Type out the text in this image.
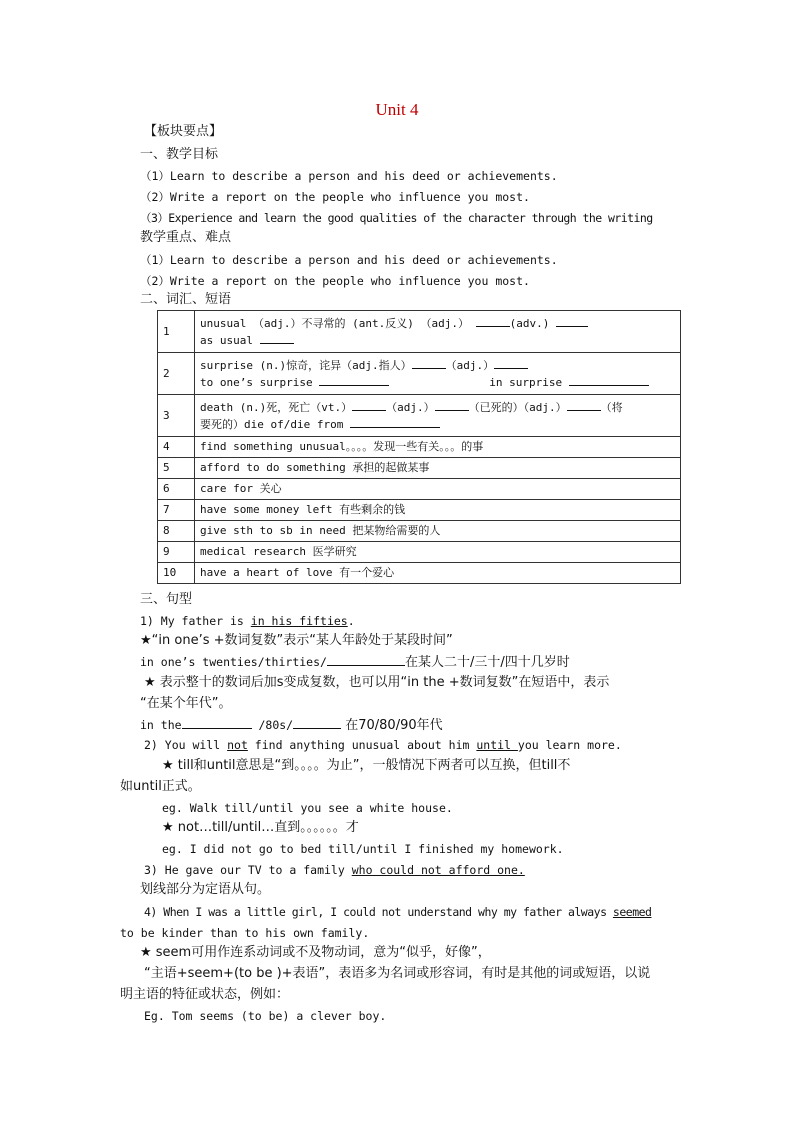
Unit 4
【板块要点】
一、教学目标
（1）Learn to describe a person and his deed or achievements.
（2）Write a report on the people who influence you most.
（3）Experience and learn the good qualities of the character through the writing
教学重点、难点
（1）Learn to describe a person and his deed or achievements.
（2）Write a report on the people who influence you most.
二、词汇、短语
1	unusual （adj.）不寻常的 (ant.反义) （adj.） (adv.)
as usual

2	surprise (n.)惊奇，诧异（adj.指人） （adj.）
to one’s surprise in surprise

3	death (n.)死，死亡（vt.） （adj.） （已死的）（adj.） （将
要死的）die of/die from

4	find something unusual。。。。发现一些有关。。。的事
5	afford to do something 承担的起做某事
6	care for 关心
7	have some money left 有些剩余的钱
8	give sth to sb in need 把某物给需要的人
9	medical research 医学研究
10	have a heart of love 有一个爱心
三、句型
1) My father is in his fifties.
★“in one’s +数词复数”表示“某人年龄处于某段时间”
in one’s twenties/thirties/	在某人二十/三十/四十几岁时
★ 表示整十的数词后加s变成复数，也可以用“in the +数词复数”在短语中，表示
“在某个年代”。
in the	/80s/	在70/80/90年代
2) You will not find anything unusual about him until you learn more.
★ till和until意思是“到。。。。为止”，一般情况下两者可以互换，但till不
如until正式。
eg. Walk till/until you see a white house.
★ not…till/until…直到。。。。。。才
eg. I did not go to bed till/until I finished my homework.
3) He gave our TV to a family who could not afford one.
划线部分为定语从句。
4) When I was a little girl, I could not understand why my father always seemed
to be kinder than to his own family.
★ seem可用作连系动词或不及物动词，意为“似乎，好像”，
“主语+seem+(to be )+表语”，表语多为名词或形容词，有时是其他的词或短语，以说
明主语的特征或状态，例如：
Eg. Tom seems (to be) a clever boy.
